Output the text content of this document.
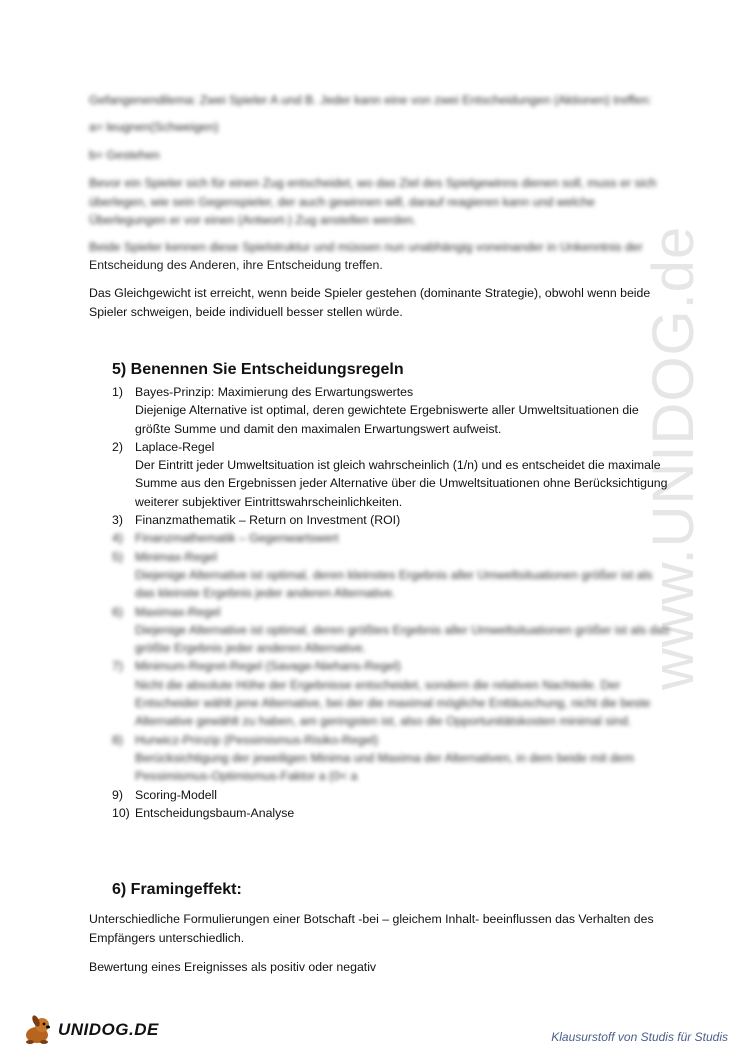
www.UNIDOG.de
Gefangenendilema: Zwei Spieler A und B. Jeder kann eine von zwei Entscheidungen (Aktionen) treffen:
a= leugnen(Schweigen)
b= Gestehen
Bevor ein Spieler sich für einen Zug entscheidet, wo das Ziel des Spielgewinns dienen soll, muss er sich überlegen, wie sein Gegenspieler, der auch gewinnen will, darauf reagieren kann und welche Überlegungen er vor einen (Antwort-) Zug anstellen werden.
Beide Spieler kennen diese Spielstruktur und müssen nun unabhängig voneinander in Unkenntnis der
Entscheidung des Anderen, ihre Entscheidung treffen.
Das Gleichgewicht ist erreicht, wenn beide Spieler gestehen (dominante Strategie), obwohl wenn beide Spieler schweigen, beide individuell besser stellen würde.
5) Benennen Sie Entscheidungsregeln
1) Bayes-Prinzip: Maximierung des Erwartungswertes
Diejenige Alternative ist optimal, deren gewichtete Ergebniswerte aller Umweltsituationen die größte Summe und damit den maximalen Erwartungswert aufweist.
2) Laplace-Regel
Der Eintritt jeder Umweltsituation ist gleich wahrscheinlich (1/n) und es entscheidet die maximale Summe aus den Ergebnissen jeder Alternative über die Umweltsituationen ohne Berücksichtigung weiterer subjektiver Eintrittswahrscheinlichkeiten.
3) Finanzmathematik – Return on Investment (ROI)
4) Finanzmathematik – Gegenwartswert
5) Minimax-Regel
Diejenige Alternative ist optimal, deren kleinstes Ergebnis aller Umweltsituationen größer ist als das kleinste Ergebnis jeder anderen Alternative.
6) Maximax-Regel
Diejenige Alternative ist optimal, deren größtes Ergebnis aller Umweltsituationen größer ist als das größte Ergebnis jeder anderen Alternative.
7) Minimum-Regret-Regel (Savage-Niehans-Regel)
Nicht die absolute Höhe der Ergebnisse entscheidet, sondern die relativen Nachteile. Der Entscheider wählt jene Alternative, bei der die maximal mögliche Enttäuschung, nicht die beste Alternative gewählt zu haben, am geringsten ist, also die Opportunitätskosten minimal sind.
8) Hurwicz-Prinzip (Pessimismus-Risiko-Regel)
Berücksichtigung der jeweiligen Minima und Maxima der Alternativen, in dem beide mit dem Pessimismus-Optimismus-Faktor a (0< a
9) Scoring-Modell
10) Entscheidungsbaum-Analyse
6) Framingeffekt:
Unterschiedliche Formulierungen einer Botschaft -bei – gleichem Inhalt- beeinflussen das Verhalten des Empfängers unterschiedlich.
Bewertung eines Ereignisses als positiv oder negativ
UNIDOG.DE	Klausurstoff von Studis für Studis
